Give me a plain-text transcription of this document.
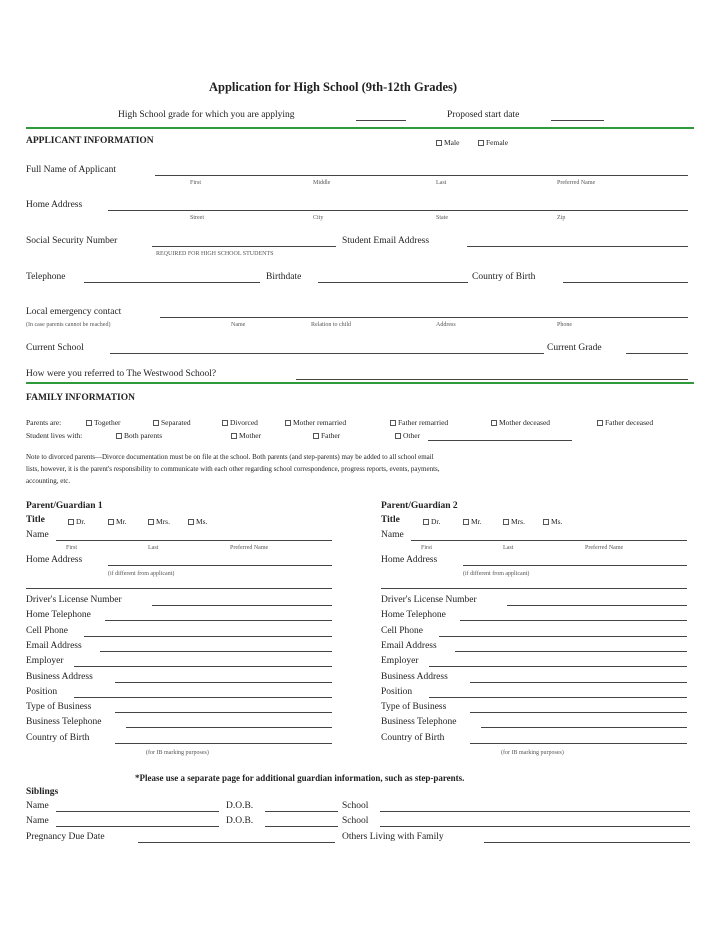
Application for High School (9th-12th Grades)
High School grade for which you are applying	Proposed start date
APPLICANT INFORMATION	Male	Female
Full Name of Applicant
First	Middle	Last	Preferred Name
Home Address
Street	City	State	Zip
Social Security Number
REQUIRED FOR HIGH SCHOOL STUDENTS
Student Email Address
Telephone	Birthdate	Country of Birth
Local emergency contact
(In case parents cannot be reached)	Name	Relation to child	Address	Phone
Current School	Current Grade
How were you referred to The Westwood School?
FAMILY INFORMATION
Parents are:	Together	Separated	Divorced	Mother remarried	Father remarried	Mother deceased	Father deceased
Student lives with:	Both parents	Mother	Father	Other
Note to divorced parents—Divorce documentation must be on file at the school. Both parents (and step-parents) may be added to all school email
lists, however, it is the parent's responsibility to communicate with each other regarding school correspondence, progress reports, events, payments,
accounting, etc.
Parent/Guardian 1
Title	Dr.	Mr.	Mrs.	Ms.
Name
First	Last	Preferred Name
Home Address
(if different from applicant)
Driver's License Number
Home Telephone
Cell Phone
Email Address
Employer
Business Address
Position
Type of Business
Business Telephone
Country of Birth
(for IB marking purposes)
Parent/Guardian 2
Title	Dr.	Mr.	Mrs.	Ms.
Name
First	Last	Preferred Name
Home Address
(if different from applicant)
Driver's License Number
Home Telephone
Cell Phone
Email Address
Employer
Business Address
Position
Type of Business
Business Telephone
Country of Birth
(for IB marking purposes)
*Please use a separate page for additional guardian information, such as step-parents.
Siblings
Name	D.O.B.	School
Name	D.O.B.	School
Pregnancy Due Date	Others Living with Family
